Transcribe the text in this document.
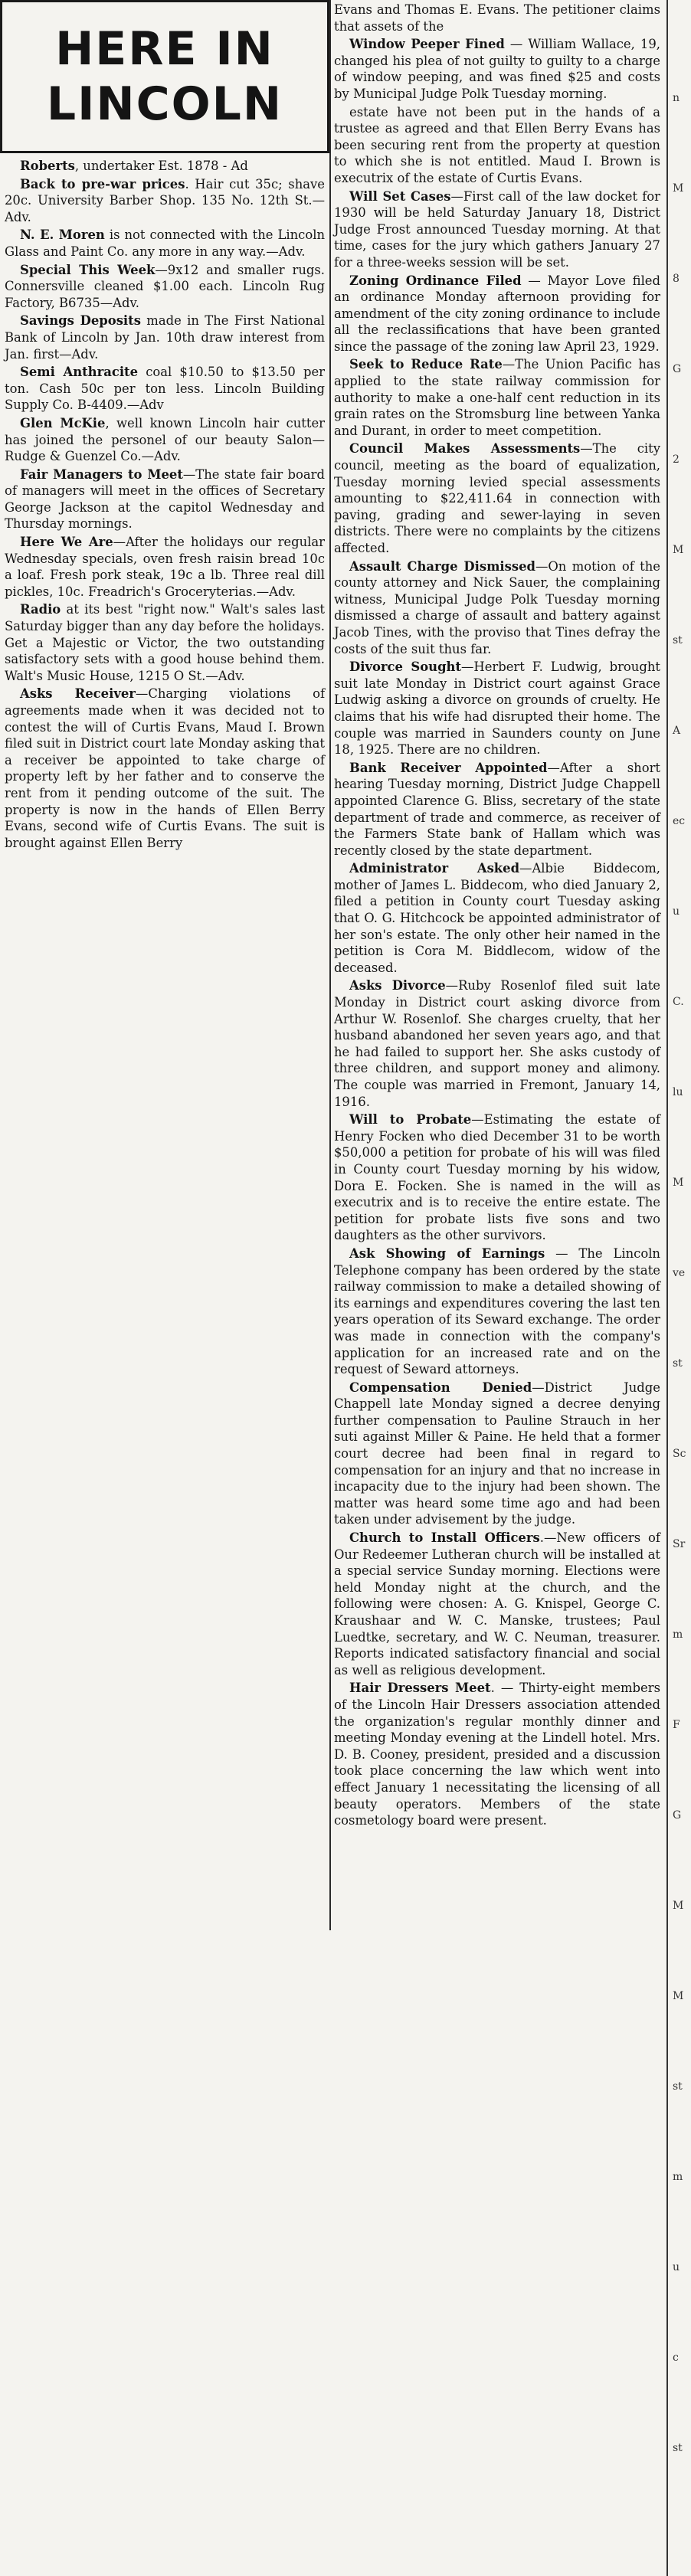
HERE IN
LINCOLN

Roberts, undertaker Est. 1878 - Ad

Back to pre-war prices. Hair cut 35c; shave 20c. University Barber Shop. 135 No. 12th St.—Adv.

N. E. Moren is not connected with the Lincoln Glass and Paint Co. any more in any way.—Adv.

Special This Week—9x12 and smaller rugs. Connersville cleaned $1.00 each. Lincoln Rug Factory, B6735—Adv.

Savings Deposits made in The First National Bank of Lincoln by Jan. 10th draw interest from Jan. first—Adv.

Semi Anthracite coal $10.50 to $13.50 per ton. Cash 50c per ton less. Lincoln Building Supply Co. B-4409.—Adv

Glen McKie, well known Lincoln hair cutter has joined the personel of our beauty Salon—Rudge & Guenzel Co.—Adv.

Fair Managers to Meet—The state fair board of managers will meet in the offices of Secretary George Jackson at the capitol Wednesday and Thursday mornings.

Here We Are—After the holidays our regular Wednesday specials, oven fresh raisin bread 10c a loaf. Fresh pork steak, 19c a lb. Three real dill pickles, 10c. Freadrich's Groceryterias.—Adv.

Radio at its best "right now." Walt's sales last Saturday bigger than any day before the holidays. Get a Majestic or Victor, the two outstanding satisfactory sets with a good house behind them. Walt's Music House, 1215 O St.—Adv.

Asks Receiver—Charging violations of agreements made when it was decided not to contest the will of Curtis Evans, Maud I. Brown filed suit in District court late Monday asking that a receiver be appointed to take charge of property left by her father and to conserve the rent from it pending outcome of the suit. The property is now in the hands of Ellen Berry Evans, second wife of Curtis Evans. The suit is brought against Ellen Berry

Evans and Thomas E. Evans. The petitioner claims that assets of the

Window Peeper Fined — William Wallace, 19, changed his plea of not guilty to guilty to a charge of window peeping, and was fined $25 and costs by Municipal Judge Polk Tuesday morning.

estate have not been put in the hands of a trustee as agreed and that Ellen Berry Evans has been securing rent from the property at question to which she is not entitled. Maud I. Brown is executrix of the estate of Curtis Evans.

Will Set Cases—First call of the law docket for 1930 will be held Saturday January 18, District Judge Frost announced Tuesday morning. At that time, cases for the jury which gathers January 27 for a three-weeks session will be set.

Zoning Ordinance Filed — Mayor Love filed an ordinance Monday afternoon providing for amendment of the city zoning ordinance to include all the reclassifications that have been granted since the passage of the zoning law April 23, 1929.

Seek to Reduce Rate—The Union Pacific has applied to the state railway commission for authority to make a one-half cent reduction in its grain rates on the Stromsburg line between Yanka and Durant, in order to meet competition.

Council Makes Assessments—The city council, meeting as the board of equalization, Tuesday morning levied special assessments amounting to $22,411.64 in connection with paving, grading and sewer-laying in seven districts. There were no complaints by the citizens affected.

Assault Charge Dismissed—On motion of the county attorney and Nick Sauer, the complaining witness, Municipal Judge Polk Tuesday morning dismissed a charge of assault and battery against Jacob Tines, with the proviso that Tines defray the costs of the suit thus far.

Divorce Sought—Herbert F. Ludwig, brought suit late Monday in District court against Grace Ludwig asking a divorce on grounds of cruelty. He claims that his wife had disrupted their home. The couple was married in Saunders county on June 18, 1925. There are no children.

Bank Receiver Appointed—After a short hearing Tuesday morning, District Judge Chappell appointed Clarence G. Bliss, secretary of the state department of trade and commerce, as receiver of the Farmers State bank of Hallam which was recently closed by the state department.

Administrator Asked—Albie Biddecom, mother of James L. Biddecom, who died January 2, filed a petition in County court Tuesday asking that O. G. Hitchcock be appointed administrator of her son's estate. The only other heir named in the petition is Cora M. Biddlecom, widow of the deceased.

Asks Divorce—Ruby Rosenlof filed suit late Monday in District court asking divorce from Arthur W. Rosenlof. She charges cruelty, that her husband abandoned her seven years ago, and that he had failed to support her. She asks custody of three children, and support money and alimony. The couple was married in Fremont, January 14, 1916.

Will to Probate—Estimating the estate of Henry Focken who died December 31 to be worth $50,000 a petition for probate of his will was filed in County court Tuesday morning by his widow, Dora E. Focken. She is named in the will as executrix and is to receive the entire estate. The petition for probate lists five sons and two daughters as the other survivors.

Ask Showing of Earnings — The Lincoln Telephone company has been ordered by the state railway commission to make a detailed showing of its earnings and expenditures covering the last ten years operation of its Seward exchange. The order was made in connection with the company's application for an increased rate and on the request of Seward attorneys.

Compensation Denied—District Judge Chappell late Monday signed a decree denying further compensation to Pauline Strauch in her suti against Miller & Paine. He held that a former court decree had been final in regard to compensation for an injury and that no increase in incapacity due to the injury had been shown. The matter was heard some time ago and had been taken under advisement by the judge.

Church to Install Officers.—New officers of Our Redeemer Lutheran church will be installed at a special service Sunday morning. Elections were held Monday night at the church, and the following were chosen: A. G. Knispel, George C. Kraushaar and W. C. Manske, trustees; Paul Luedtke, secretary, and W. C. Neuman, treasurer. Reports indicated satisfactory financial and social as well as religious development.

Hair Dressers Meet. — Thirty-eight members of the Lincoln Hair Dressers association attended the organization's regular monthly dinner and meeting Monday evening at the Lindell hotel. Mrs. D. B. Cooney, president, presided and a discussion took place concerning the law which went into effect January 1 necessitating the licensing of all beauty operators. Members of the state cosmetology board were present.

n
M
8
G
2
M
st
A
ec
u
C.
lu
M
ve
st
Sc
Sr
m
F
G
M
M
st
m
u
c
st
